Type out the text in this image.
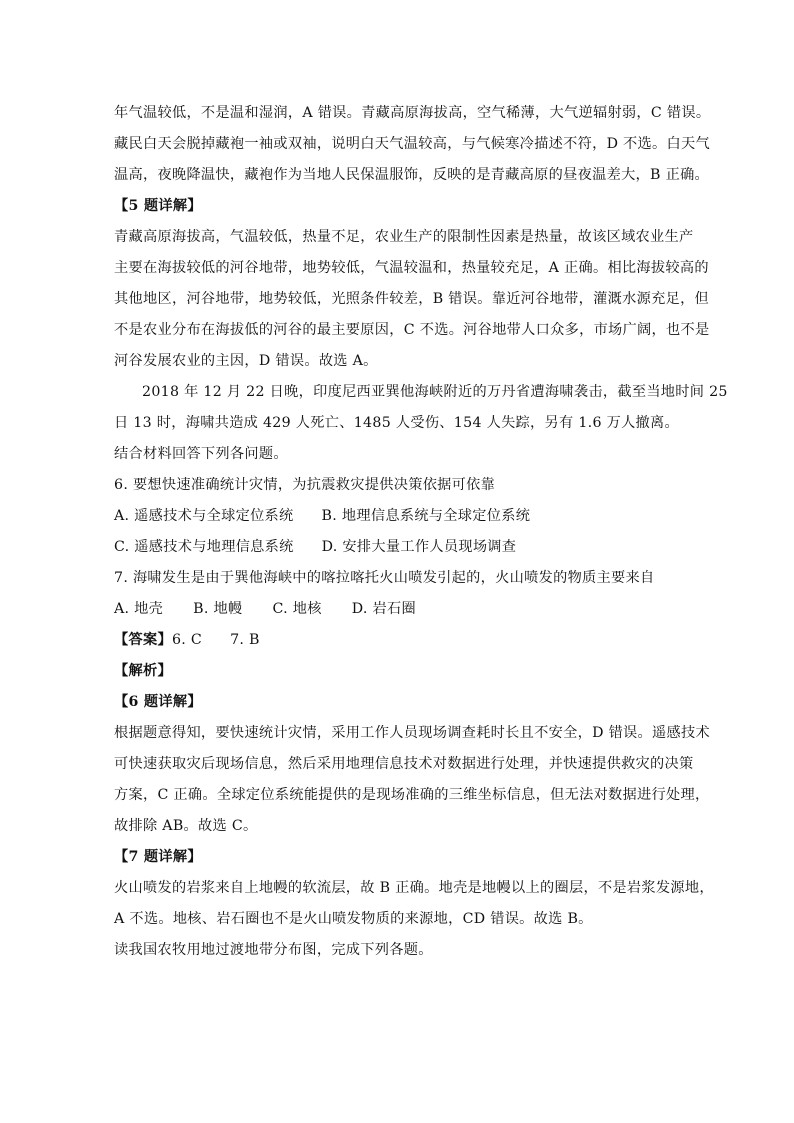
年气温较低，不是温和湿润，A 错误。青藏高原海拔高，空气稀薄，大气逆辐射弱，C 错误。
藏民白天会脱掉藏袍一袖或双袖，说明白天气温较高，与气候寒冷描述不符，D 不选。白天气
温高，夜晚降温快，藏袍作为当地人民保温服饰，反映的是青藏高原的昼夜温差大，B 正确。
【5 题详解】
青藏高原海拔高，气温较低，热量不足，农业生产的限制性因素是热量，故该区域农业生产
主要在海拔较低的河谷地带，地势较低，气温较温和，热量较充足，A 正确。相比海拔较高的
其他地区，河谷地带，地势较低，光照条件较差，B 错误。靠近河谷地带，灌溉水源充足，但
不是农业分布在海拔低的河谷的最主要原因，C 不选。河谷地带人口众多，市场广阔，也不是
河谷发展农业的主因，D 错误。故选 A。
2018 年 12 月 22 日晚，印度尼西亚巽他海峡附近的万丹省遭海啸袭击，截至当地时间 25
日 13 时，海啸共造成 429 人死亡、1485 人受伤、154 人失踪，另有 1.6 万人撤离。
结合材料回答下列各问题。
6. 要想快速准确统计灾情，为抗震救灾提供决策依据可依靠
A. 遥感技术与全球定位系统 B. 地理信息系统与全球定位系统
C. 遥感技术与地理信息系统 D. 安排大量工作人员现场调查
7. 海啸发生是由于巽他海峡中的喀拉喀托火山喷发引起的，火山喷发的物质主要来自
A. 地壳 B. 地幔 C. 地核 D. 岩石圈
【答案】6. C 7. B
【解析】
【6 题详解】
根据题意得知，要快速统计灾情，采用工作人员现场调查耗时长且不安全，D 错误。遥感技术
可快速获取灾后现场信息，然后采用地理信息技术对数据进行处理，并快速提供救灾的决策
方案，C 正确。全球定位系统能提供的是现场准确的三维坐标信息，但无法对数据进行处理，
故排除 AB。故选 C。
【7 题详解】
火山喷发的岩浆来自上地幔的软流层，故 B 正确。地壳是地幔以上的圈层，不是岩浆发源地，
A 不选。地核、岩石圈也不是火山喷发物质的来源地，CD 错误。故选 B。
读我国农牧用地过渡地带分布图，完成下列各题。
